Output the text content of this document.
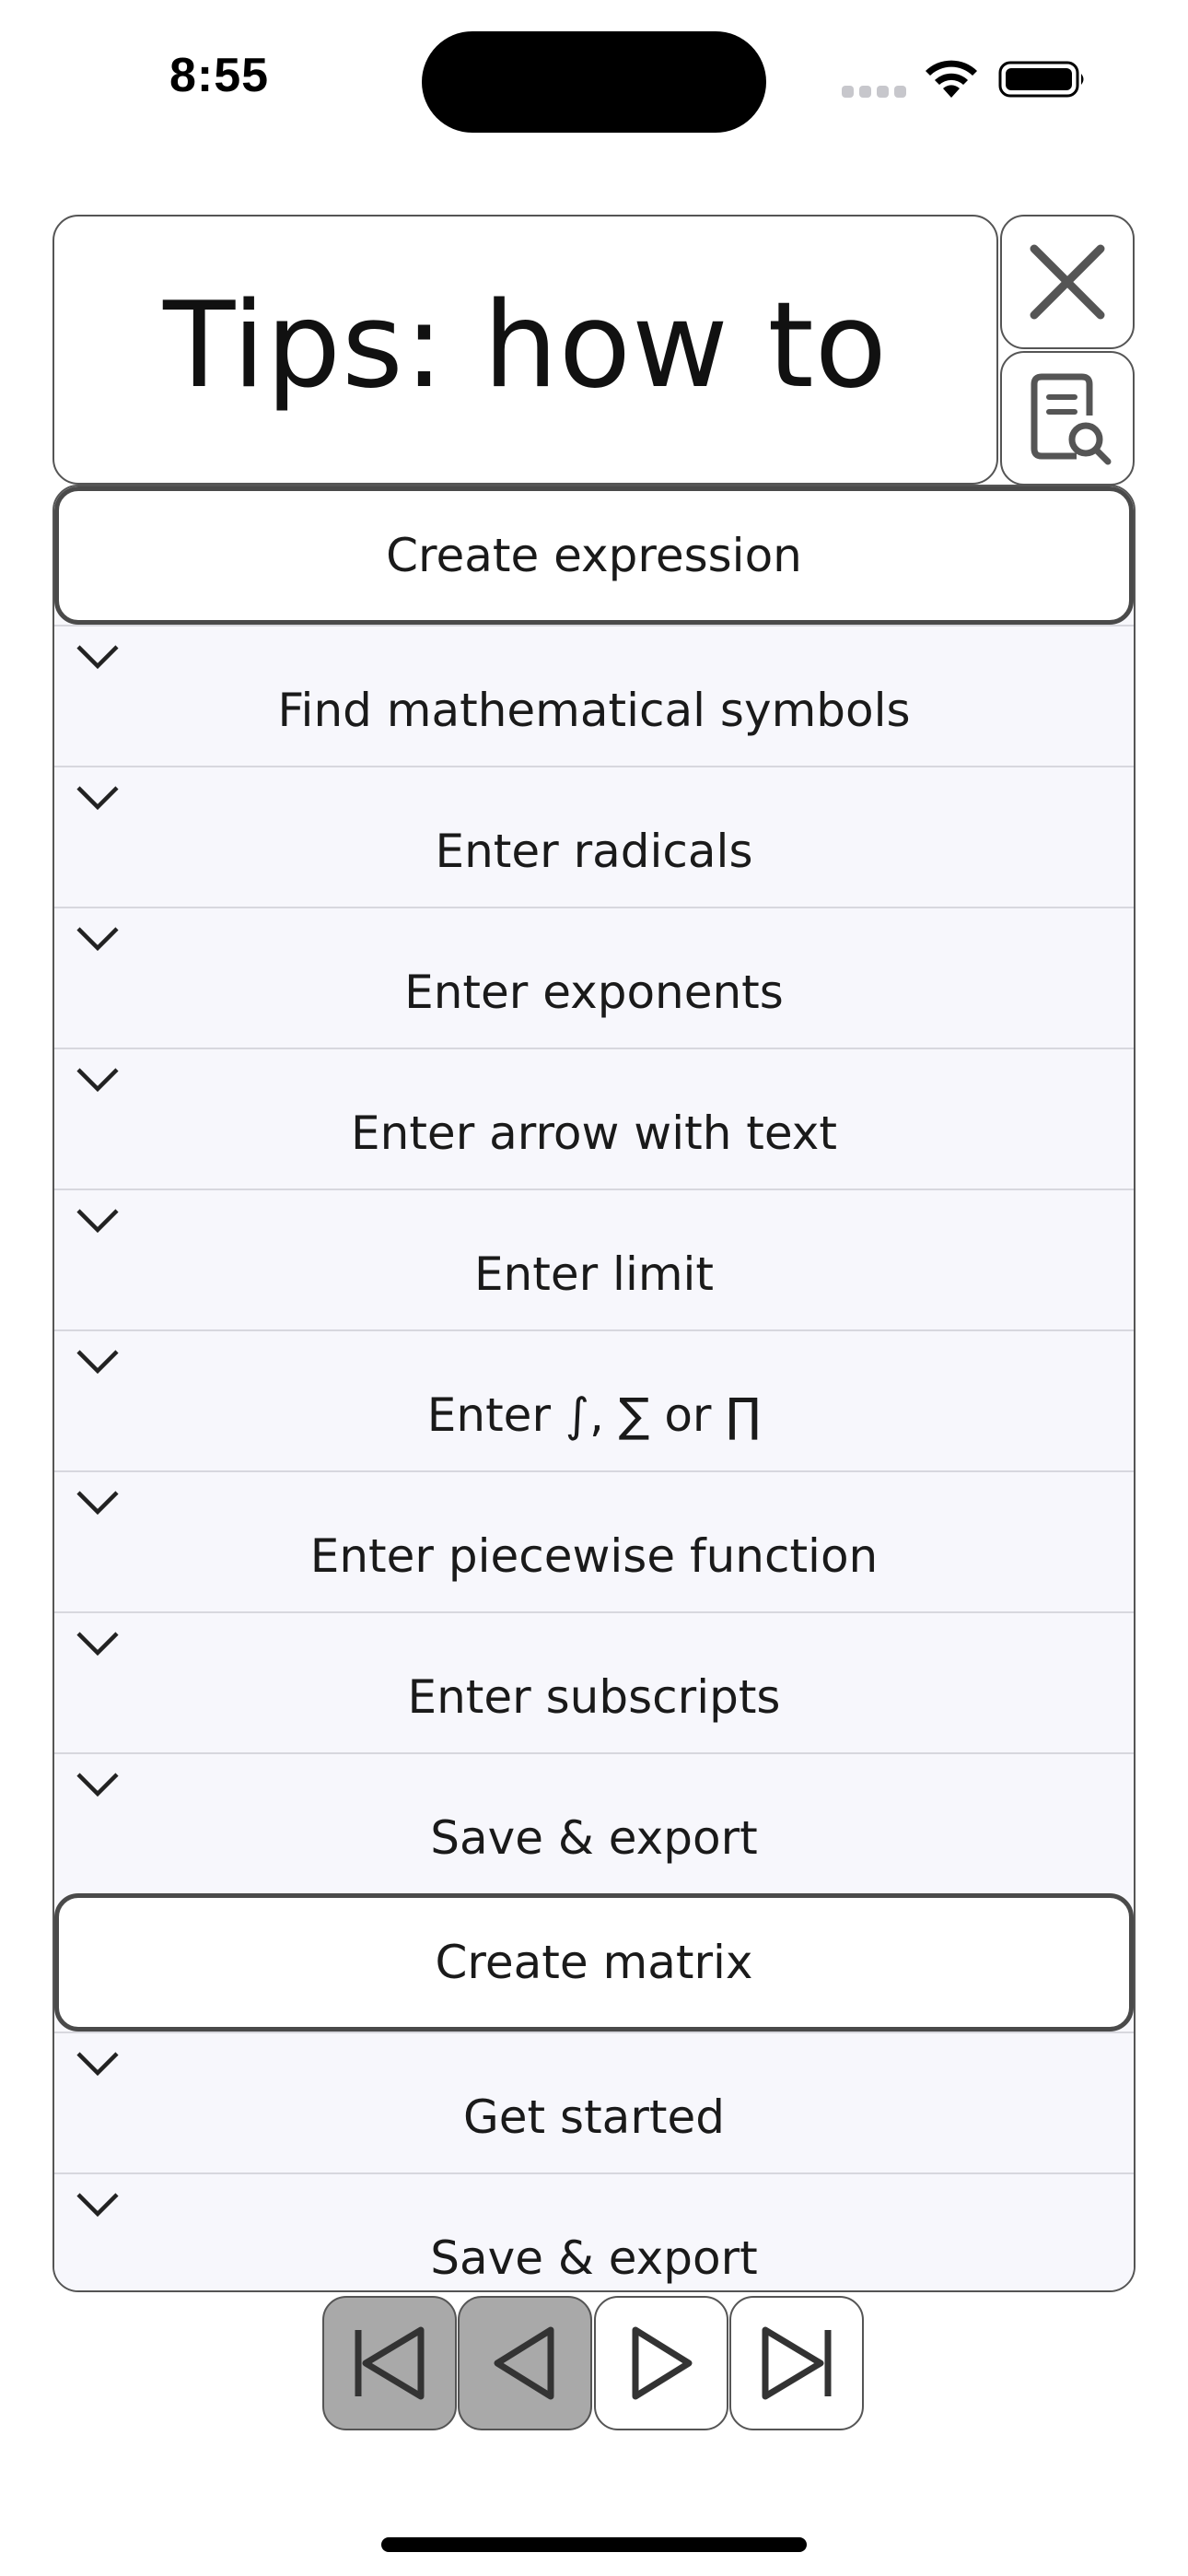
8:55
Tips: how to
Create expression
Find mathematical symbols
Enter radicals
Enter exponents
Enter arrow with text
Enter limit
Enter ∫, ∑ or ∏
Enter piecewise function
Enter subscripts
Save & export
Create matrix
Get started
Save & export
